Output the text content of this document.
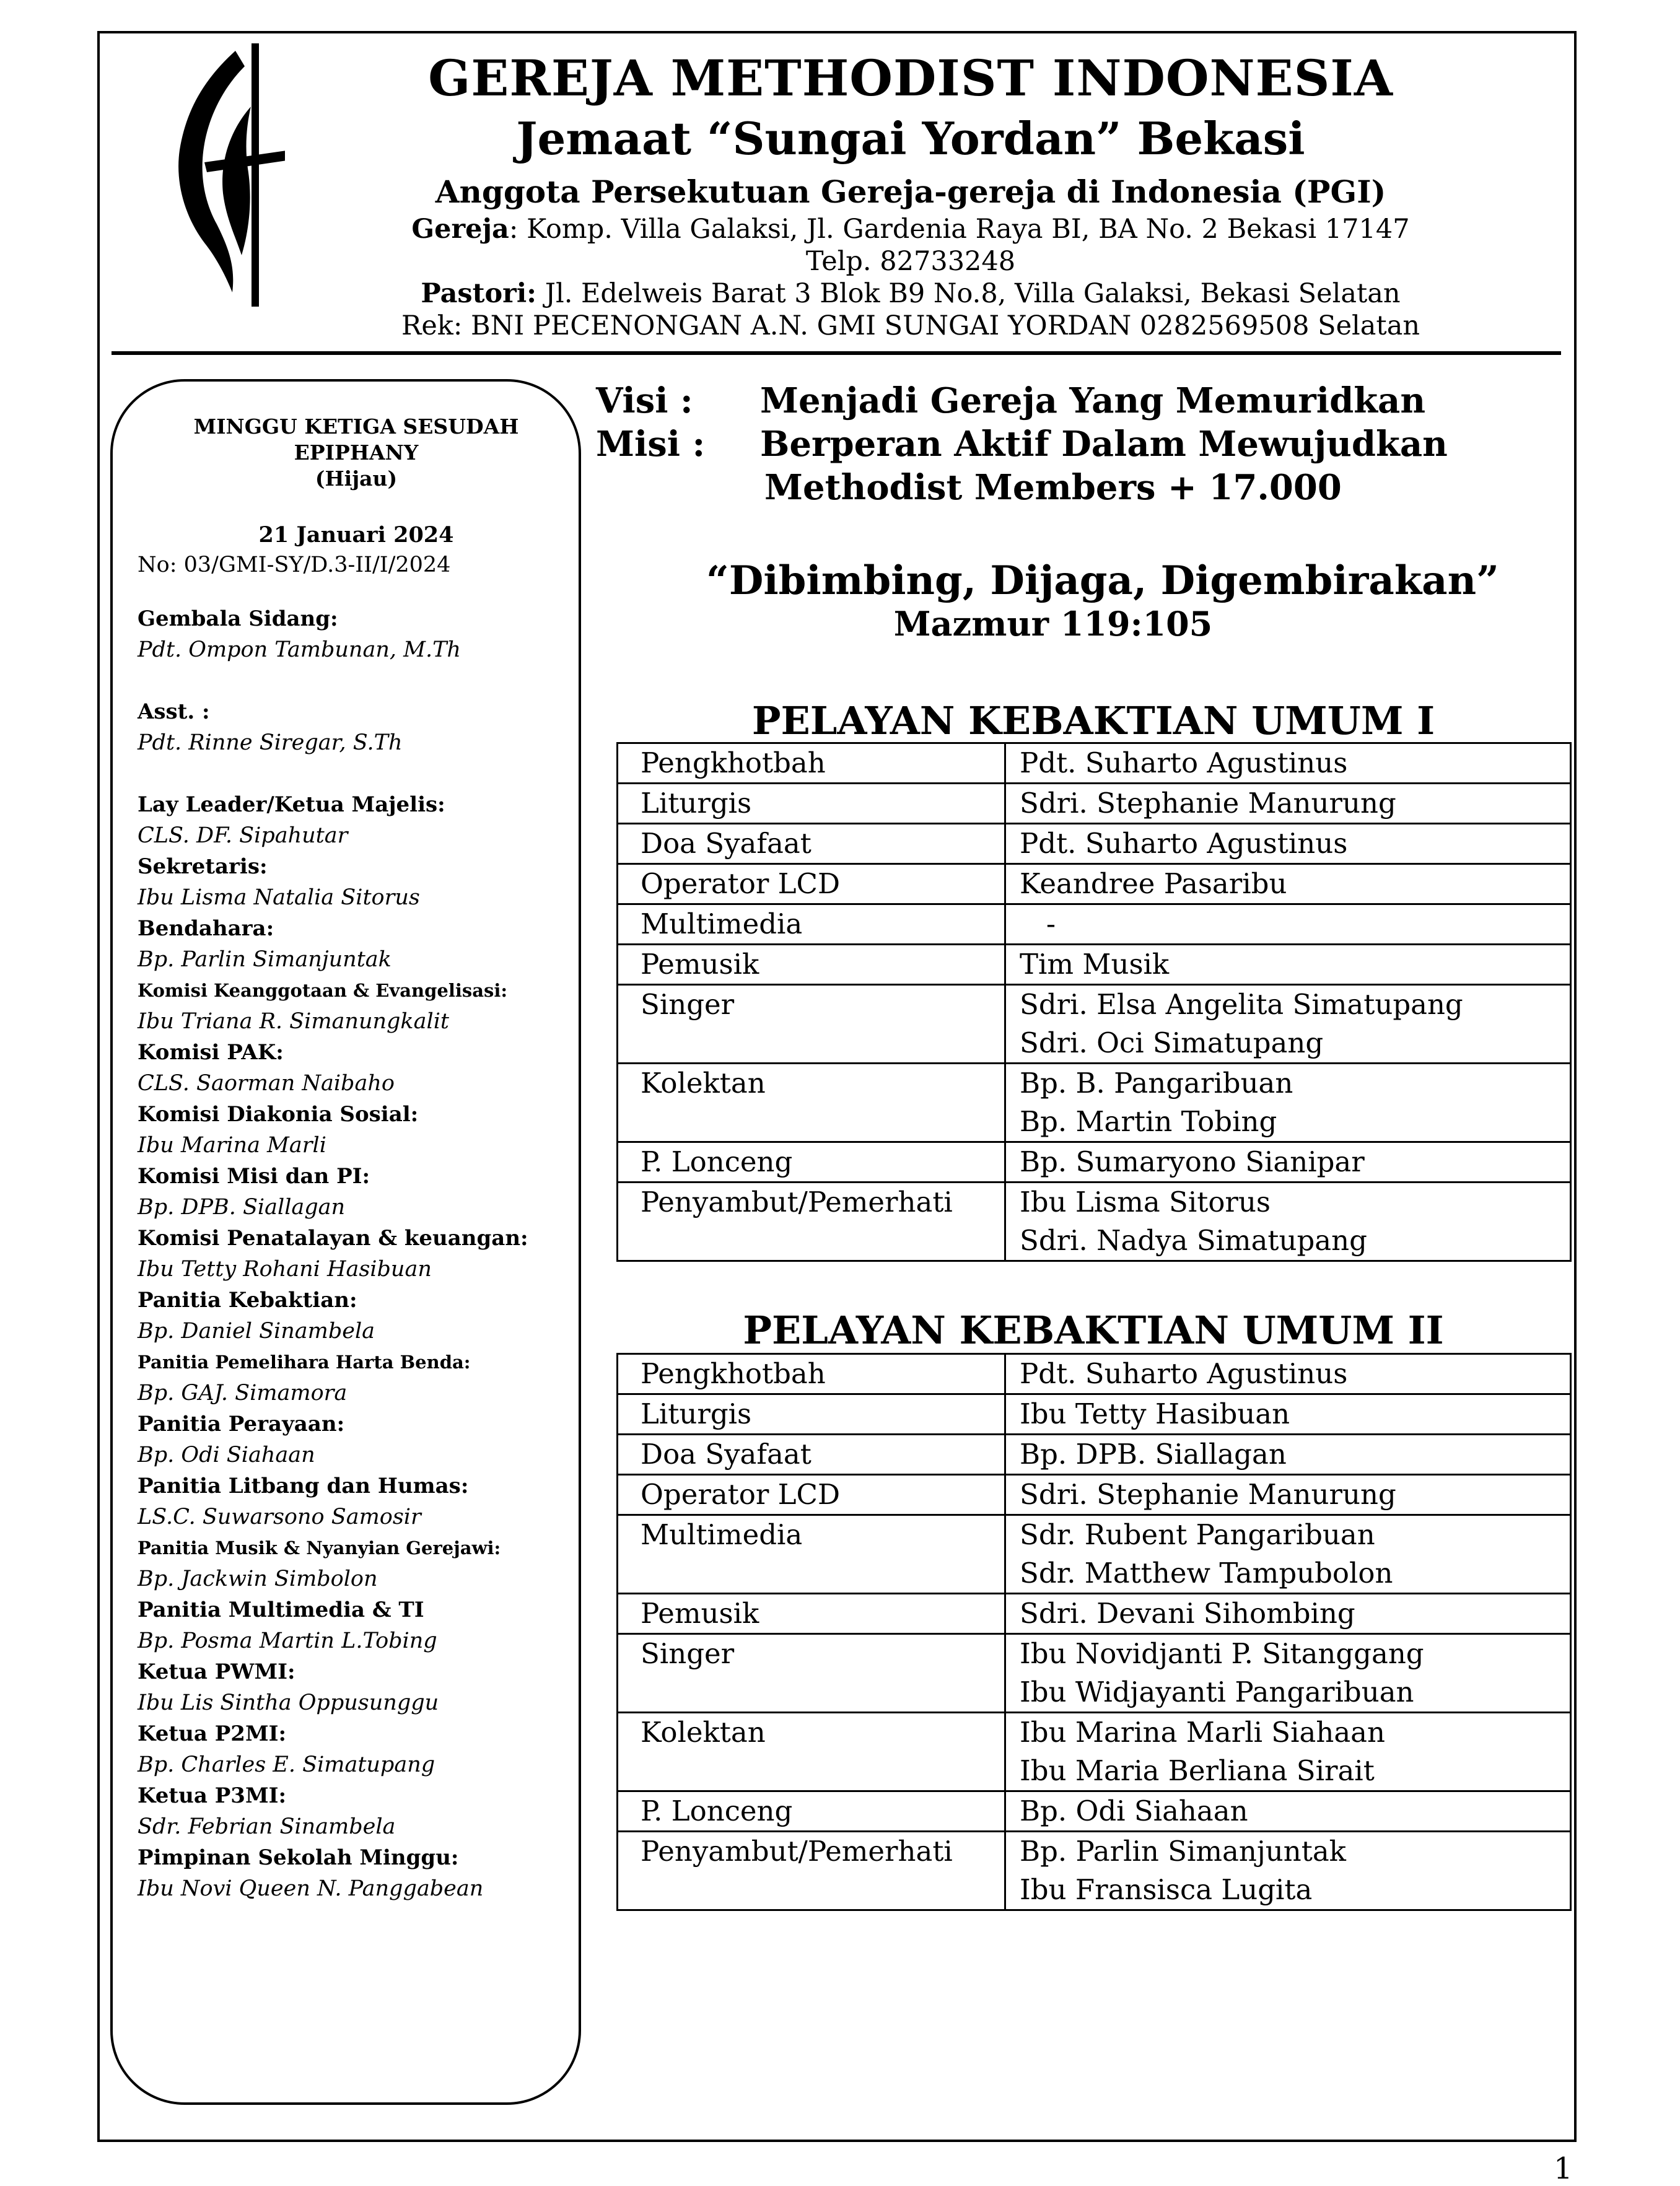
GEREJA METHODIST INDONESIA
Jemaat “Sungai Yordan” Bekasi
Anggota Persekutuan Gereja-gereja di Indonesia (PGI)
Gereja: Komp. Villa Galaksi, Jl. Gardenia Raya BI, BA No. 2 Bekasi 17147
Telp. 82733248
Pastori: Jl. Edelweis Barat 3 Blok B9 No.8, Villa Galaksi, Bekasi Selatan
Rek: BNI PECENONGAN A.N. GMI SUNGAI YORDAN 0282569508 Selatan
MINGGU KETIGA SESUDAH
EPIPHANY
(Hijau)
21 Januari 2024
No: 03/GMI-SY/D.3-II/I/2024
Gembala Sidang:
Pdt. Ompon Tambunan, M.Th
Asst. :
Pdt. Rinne Siregar, S.Th
Lay Leader/Ketua Majelis:
CLS. DF. Sipahutar
Sekretaris:
Ibu Lisma Natalia Sitorus
Bendahara:
Bp. Parlin Simanjuntak
Komisi Keanggotaan & Evangelisasi:
Ibu Triana R. Simanungkalit
Komisi PAK:
CLS. Saorman Naibaho
Komisi Diakonia Sosial:
Ibu Marina Marli
Komisi Misi dan PI:
Bp. DPB. Siallagan
Komisi Penatalayan & keuangan:
Ibu Tetty Rohani Hasibuan
Panitia Kebaktian:
Bp. Daniel Sinambela
Panitia Pemelihara Harta Benda:
Bp. GAJ. Simamora
Panitia Perayaan:
Bp. Odi Siahaan
Panitia Litbang dan Humas:
LS.C. Suwarsono Samosir
Panitia Musik & Nyanyian Gerejawi:
Bp. Jackwin Simbolon
Panitia Multimedia & TI
Bp. Posma Martin L.Tobing
Ketua PWMI:
Ibu Lis Sintha Oppusunggu
Ketua P2MI:
Bp. Charles E. Simatupang
Ketua P3MI:
Sdr. Febrian Sinambela
Pimpinan Sekolah Minggu:
Ibu Novi Queen N. Panggabean
Visi : Menjadi Gereja Yang Memuridkan
Misi : Berperan Aktif Dalam Mewujudkan
Methodist Members + 17.000
“Dibimbing, Dijaga, Digembirakan”
Mazmur 119:105
PELAYAN KEBAKTIAN UMUM I
Pengkhotbah	Pdt. Suharto Agustinus

Liturgis	Sdri. Stephanie Manurung

Doa Syafaat	Pdt. Suharto Agustinus

Operator LCD	Keandree Pasaribu

Multimedia	-

Pemusik	Tim Musik

Singer	Sdri. Elsa Angelita Simatupang
Sdri. Oci Simatupang

Kolektan	Bp. B. Pangaribuan
Bp. Martin Tobing

P. Lonceng	Bp. Sumaryono Sianipar

Penyambut/Pemerhati	Ibu Lisma Sitorus
Sdri. Nadya Simatupang
PELAYAN KEBAKTIAN UMUM II
Pengkhotbah	Pdt. Suharto Agustinus

Liturgis	Ibu Tetty Hasibuan

Doa Syafaat	Bp. DPB. Siallagan

Operator LCD	Sdri. Stephanie Manurung

Multimedia	Sdr. Rubent Pangaribuan
Sdr. Matthew Tampubolon

Pemusik	Sdri. Devani Sihombing

Singer	Ibu Novidjanti P. Sitanggang
Ibu Widjayanti Pangaribuan

Kolektan	Ibu Marina Marli Siahaan
Ibu Maria Berliana Sirait

P. Lonceng	Bp. Odi Siahaan

Penyambut/Pemerhati	Bp. Parlin Simanjuntak
Ibu Fransisca Lugita
1
